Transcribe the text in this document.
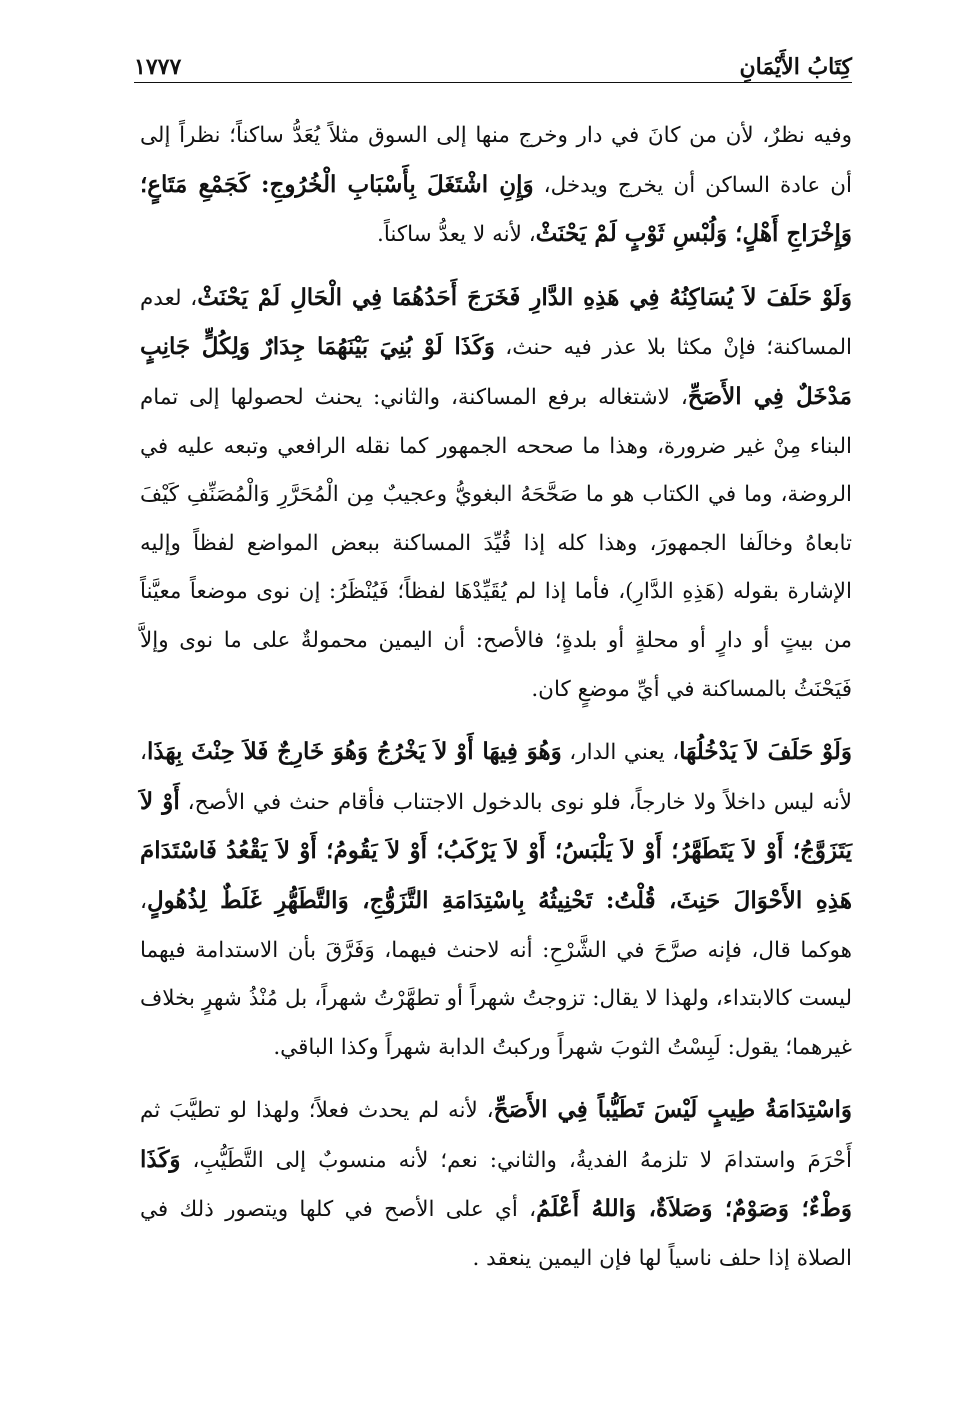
كِتَابُ الأَيْمَانِ
١٧٧٧

وفيه نظرٌ، لأن من كانَ في دار وخرج منها إلى السوق مثلاً يُعَدُّ ساكناً؛ نظراً إلى أن عادة الساكن أن يخرج ويدخل، وَإِنِ اشْتَغَلَ بِأَسْبَابِ الْخُرُوجِ: كَجَمْعِ مَتَاعٍ؛ وَإِخْرَاجِ أَهْلٍ؛ وَلُبْسِ ثَوْبٍ لَمْ يَحْنَثْ، لأنه لا يعدُّ ساكناً.

وَلَوْ حَلَفَ لاَ يُسَاكِنُهُ فِي هَذِهِ الدَّارِ فَخَرَجَ أَحَدُهُمَا فِي الْحَالِ لَمْ يَحْنَثْ، لعدم المساكنة؛ فإنْ مكثا بلا عذر فيه حنث، وَكَذَا لَوْ بُنِيَ بَيْنَهُمَا جِدَارٌ وَلِكُلٍّ جَانِبٍ مَدْخَلٌ فِي الأَصَحِّ، لاشتغاله برفع المساكنة، والثاني: يحنث لحصولها إلى تمام البناء مِنْ غير ضرورة، وهذا ما صححه الجمهور كما نقله الرافعي وتبعه عليه في الروضة، وما في الكتاب هو ما صَحَّحَهُ البغويُّ وعجيبٌ مِن الْمُحَرَّرِ وَالْمُصَنِّفِ كَيْفَ تابعاهُ وخالَفا الجمهورَ، وهذا كله إذا قُيِّدَ المساكنة ببعض المواضع لفظاً وإليه الإشارة بقوله (هَذِهِ الدَّارِ)، فأما إذا لم يُقَيِّدْهَا لفظاً؛ فَيُنْظَرُ: إن نوى موضعاً معيَّناً من بيتٍ أو دارٍ أو محلةٍ أو بلدةٍ؛ فالأصح: أن اليمين محمولةٌ على ما نوى وإلاَّ فَيَحْنَثُ بالمساكنة في أيِّ موضعٍ كان.

وَلَوْ حَلَفَ لاَ يَدْخُلُهَا، يعني الدار، وَهُوَ فِيهَا أَوْ لاَ يَخْرُجُ وَهُوَ خَارِجٌ فَلاَ حِنْثَ بِهَذَا، لأنه ليس داخلاً ولا خارجاً، فلو نوى بالدخول الاجتناب فأقام حنث في الأصح، أَوْ لاَ يَتَزَوَّجُ؛ أَوْ لاَ يَتَطَهَّرُ؛ أَوْ لاَ يَلْبَسُ؛ أَوْ لاَ يَرْكَبُ؛ أَوْ لاَ يَقُومُ؛ أَوْ لاَ يَقْعُدُ فَاسْتَدَامَ هَذِهِ الأَحْوَالَ حَنِثَ، قُلْتُ: تَحْنِيثُهُ بِاسْتِدَامَةِ التَّزَوُّجِ، وَالتَّطَهُّرِ غَلَطٌ لِذُهُولٍ، هوكما قال، فإنه صرَّحَ في الشَّرْحِ: أنه لاحنث فيهما، وَفَرَّقَ بأن الاستدامة فيهما ليست كالابتداء، ولهذا لا يقال: تزوجتُ شهراً أو تطهَّرْتُ شهراً، بل مُنْذُ شهرٍ بخلاف غيرهما؛ يقول: لَبِسْتُ الثوبَ شهراً وركبتُ الدابة شهراً وكذا الباقي.

وَاسْتِدَامَةُ طِيبٍ لَيْسَ تَطَيُّباً فِي الأَصَحِّ، لأنه لم يحدث فعلاً؛ ولهذا لو تطيَّبَ ثم أَحْرَمَ واستدامَ لا تلزمهُ الفديةُ، والثاني: نعم؛ لأنه منسوبٌ إلى التَّطَيُّبِ، وَكَذَا وَطْءٌ؛ وَصَوْمٌ؛ وَصَلاَةٌ، وَاللهُ أَعْلَمُ، أي على الأصح في كلها ويتصور ذلك في الصلاة إذا حلف ناسياً لها فإن اليمين ينعقد .
